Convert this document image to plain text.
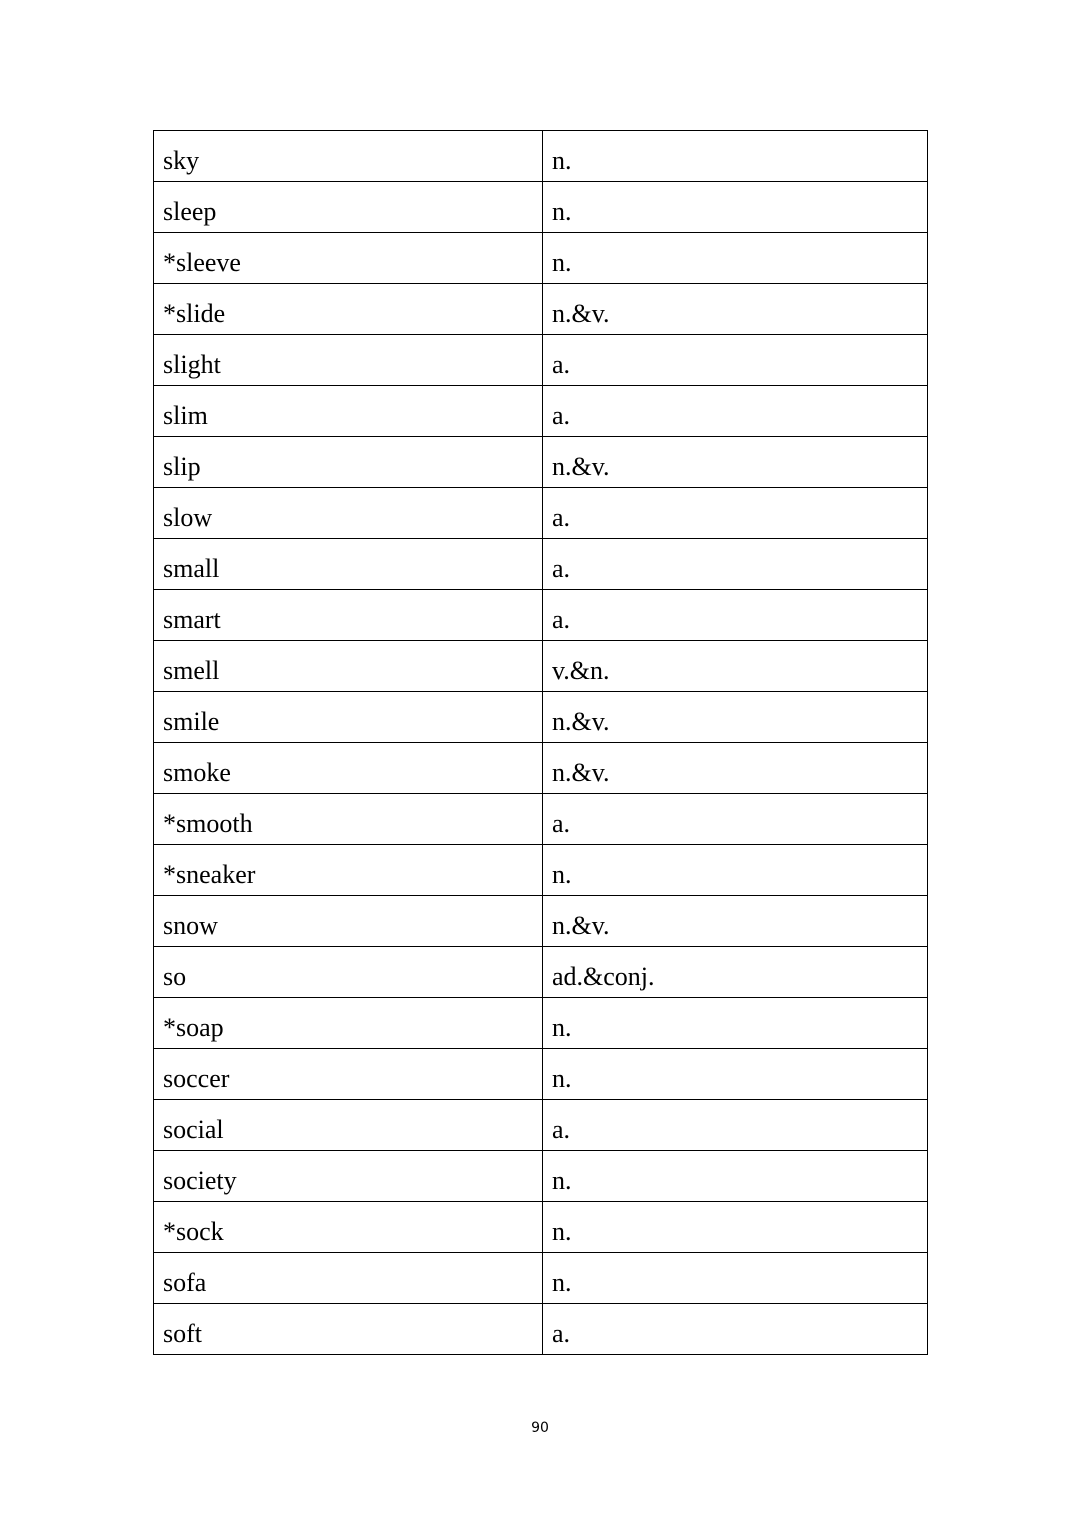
sky	n.
sleep	n.
*sleeve	n.
*slide	n.&v.
slight	a.
slim	a.
slip	n.&v.
slow	a.
small	a.
smart	a.
smell	v.&n.
smile	n.&v.
smoke	n.&v.
*smooth	a.
*sneaker	n.
snow	n.&v.
so	ad.&conj.
*soap	n.
soccer	n.
social	a.
society	n.
*sock	n.
sofa	n.
soft	a.
90
